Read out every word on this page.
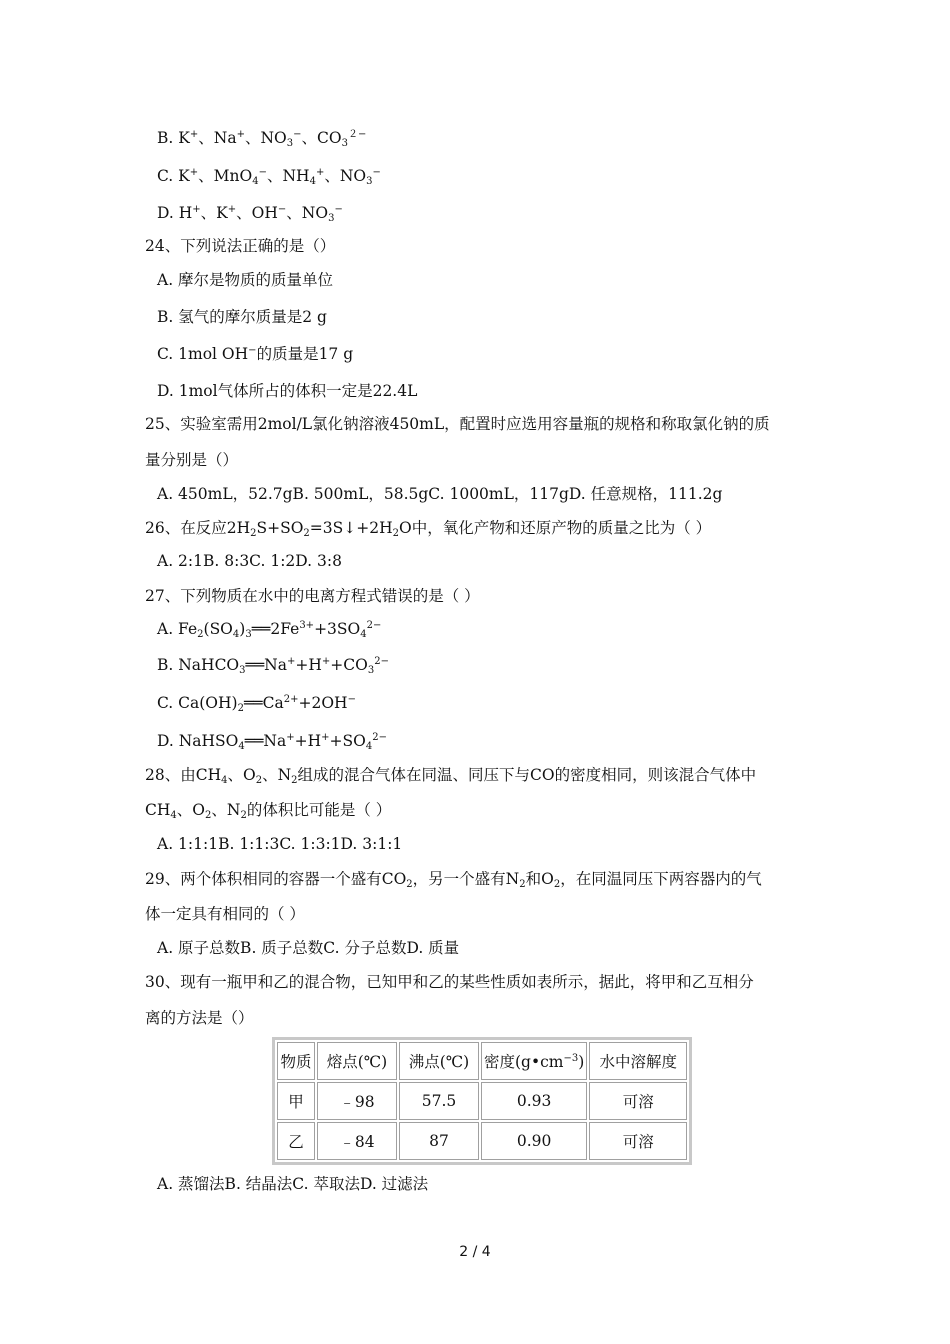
B. K+、Na+、$NO_3^-$、$CO_3^{2-}$
C. K+、MnO$_4$−、$NH_4^+$、$NO_3^-$
D. H+、K+、OH−、$NO_3^-$
24、下列说法正确的是（）
A. 摩尔是物质的质量单位
B. 氢气的摩尔质量是2 g
C. 1mol OH−的质量是17 g
D. 1mol气体所占的体积一定是22.4L
25、实验室需用2mol/L氯化钠溶液450mL，配置时应选用容量瓶的规格和称取氯化钠的质
量分别是（）
A. 450mL，52.7gB. 500mL，58.5gC. 1000mL，117gD. 任意规格，111.2g
26、在反应$2H_2S+SO_2=3S↓+2H_2O$中，氧化产物和还原产物的质量之比为（ ）
A. 2:1B. 8:3C. 1:2D. 3:8
27、下列物质在水中的电离方程式错误的是（ ）
A. $Fe_2(SO_4)_3══2Fe^{3+}+3SO_4^{2-}$
B. $NaHCO_3══Na^++H^++CO_3^{2-}$
C. $Ca(OH)_2══Ca^{2+}+2OH^-$
D. $NaHSO_4══Na^++H^++SO_4^{2-}$
28、由$CH_4$、$O_2$、$N_2$组成的混合气体在同温、同压下与CO的密度相同，则该混合气体中
$CH_4$、$O_2$、$N_2$的体积比可能是（ ）
A. 1:1:1B. 1:1:3C. 1:3:1D. 3:1:1
29、两个体积相同的容器一个盛有$CO_2$，另一个盛有$N_2$和$O_2$，在同温同压下两容器内的气
体一定具有相同的（ ）
A. 原子总数B. 质子总数C. 分子总数D. 质量
30、现有一瓶甲和乙的混合物，已知甲和乙的某些性质如表所示，据此，将甲和乙互相分
离的方法是（）
物质	熔点(℃)	沸点(℃)	密度$(g•cm^{-3})$	水中溶解度
甲	﹣98	57.5	0.93	可溶
乙	﹣84	87	0.90	可溶
A. 蒸馏法B. 结晶法C. 萃取法D. 过滤法
2 / 4
